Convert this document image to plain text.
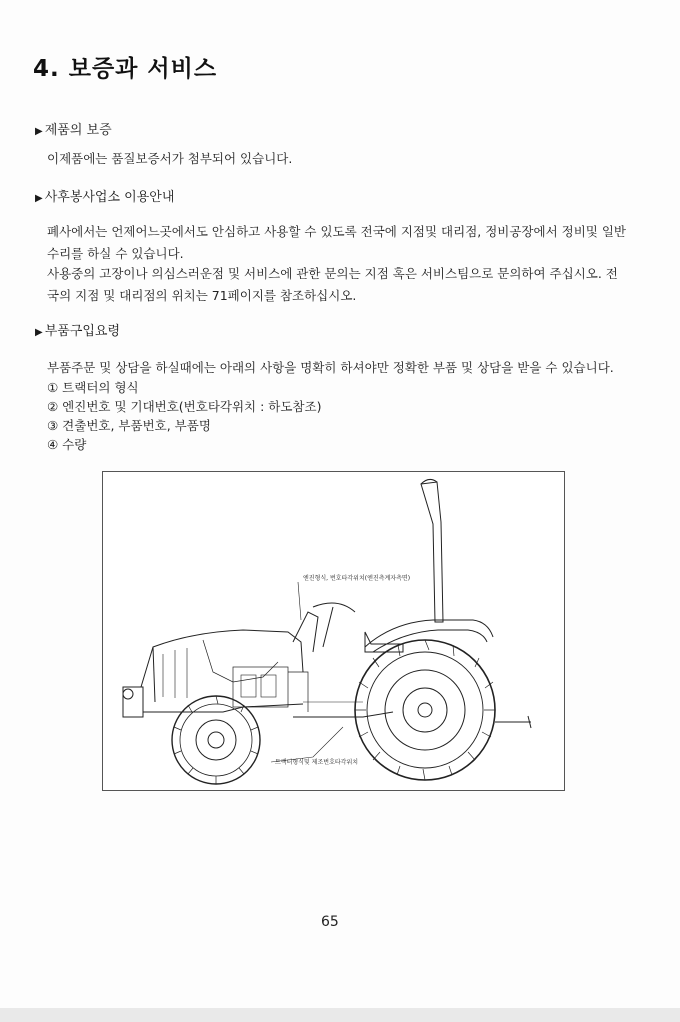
4. 보증과 서비스
▶ 제품의 보증
이제품에는 품질보증서가 첨부되어 있습니다.
▶ 사후봉사업소 이용안내
폐사에서는 언제어느곳에서도 안심하고 사용할 수 있도록 전국에 지점및 대리점, 정비공장에서 정비및 일반수리를 하실 수 있습니다.
사용중의 고장이나 의심스러운점 및 서비스에 관한 문의는 지점 혹은 서비스팀으로 문의하여 주십시오. 전국의 지점 및 대리점의 위치는 71페이지를 참조하십시오.
▶ 부품구입요령
부품주문 및 상담을 하실때에는 아래의 사항을 명확히 하셔야만 정확한 부품 및 상담을 받을 수 있습니다.
① 트랙터의 형식
② 엔진번호 및 기대번호(번호타각위치 : 하도참조)
③ 견출번호, 부품번호, 부품명
④ 수량
엔진형식, 번호타각위치(엔진측계자측면)
트랙터형식및 제조번호타각위치
65
